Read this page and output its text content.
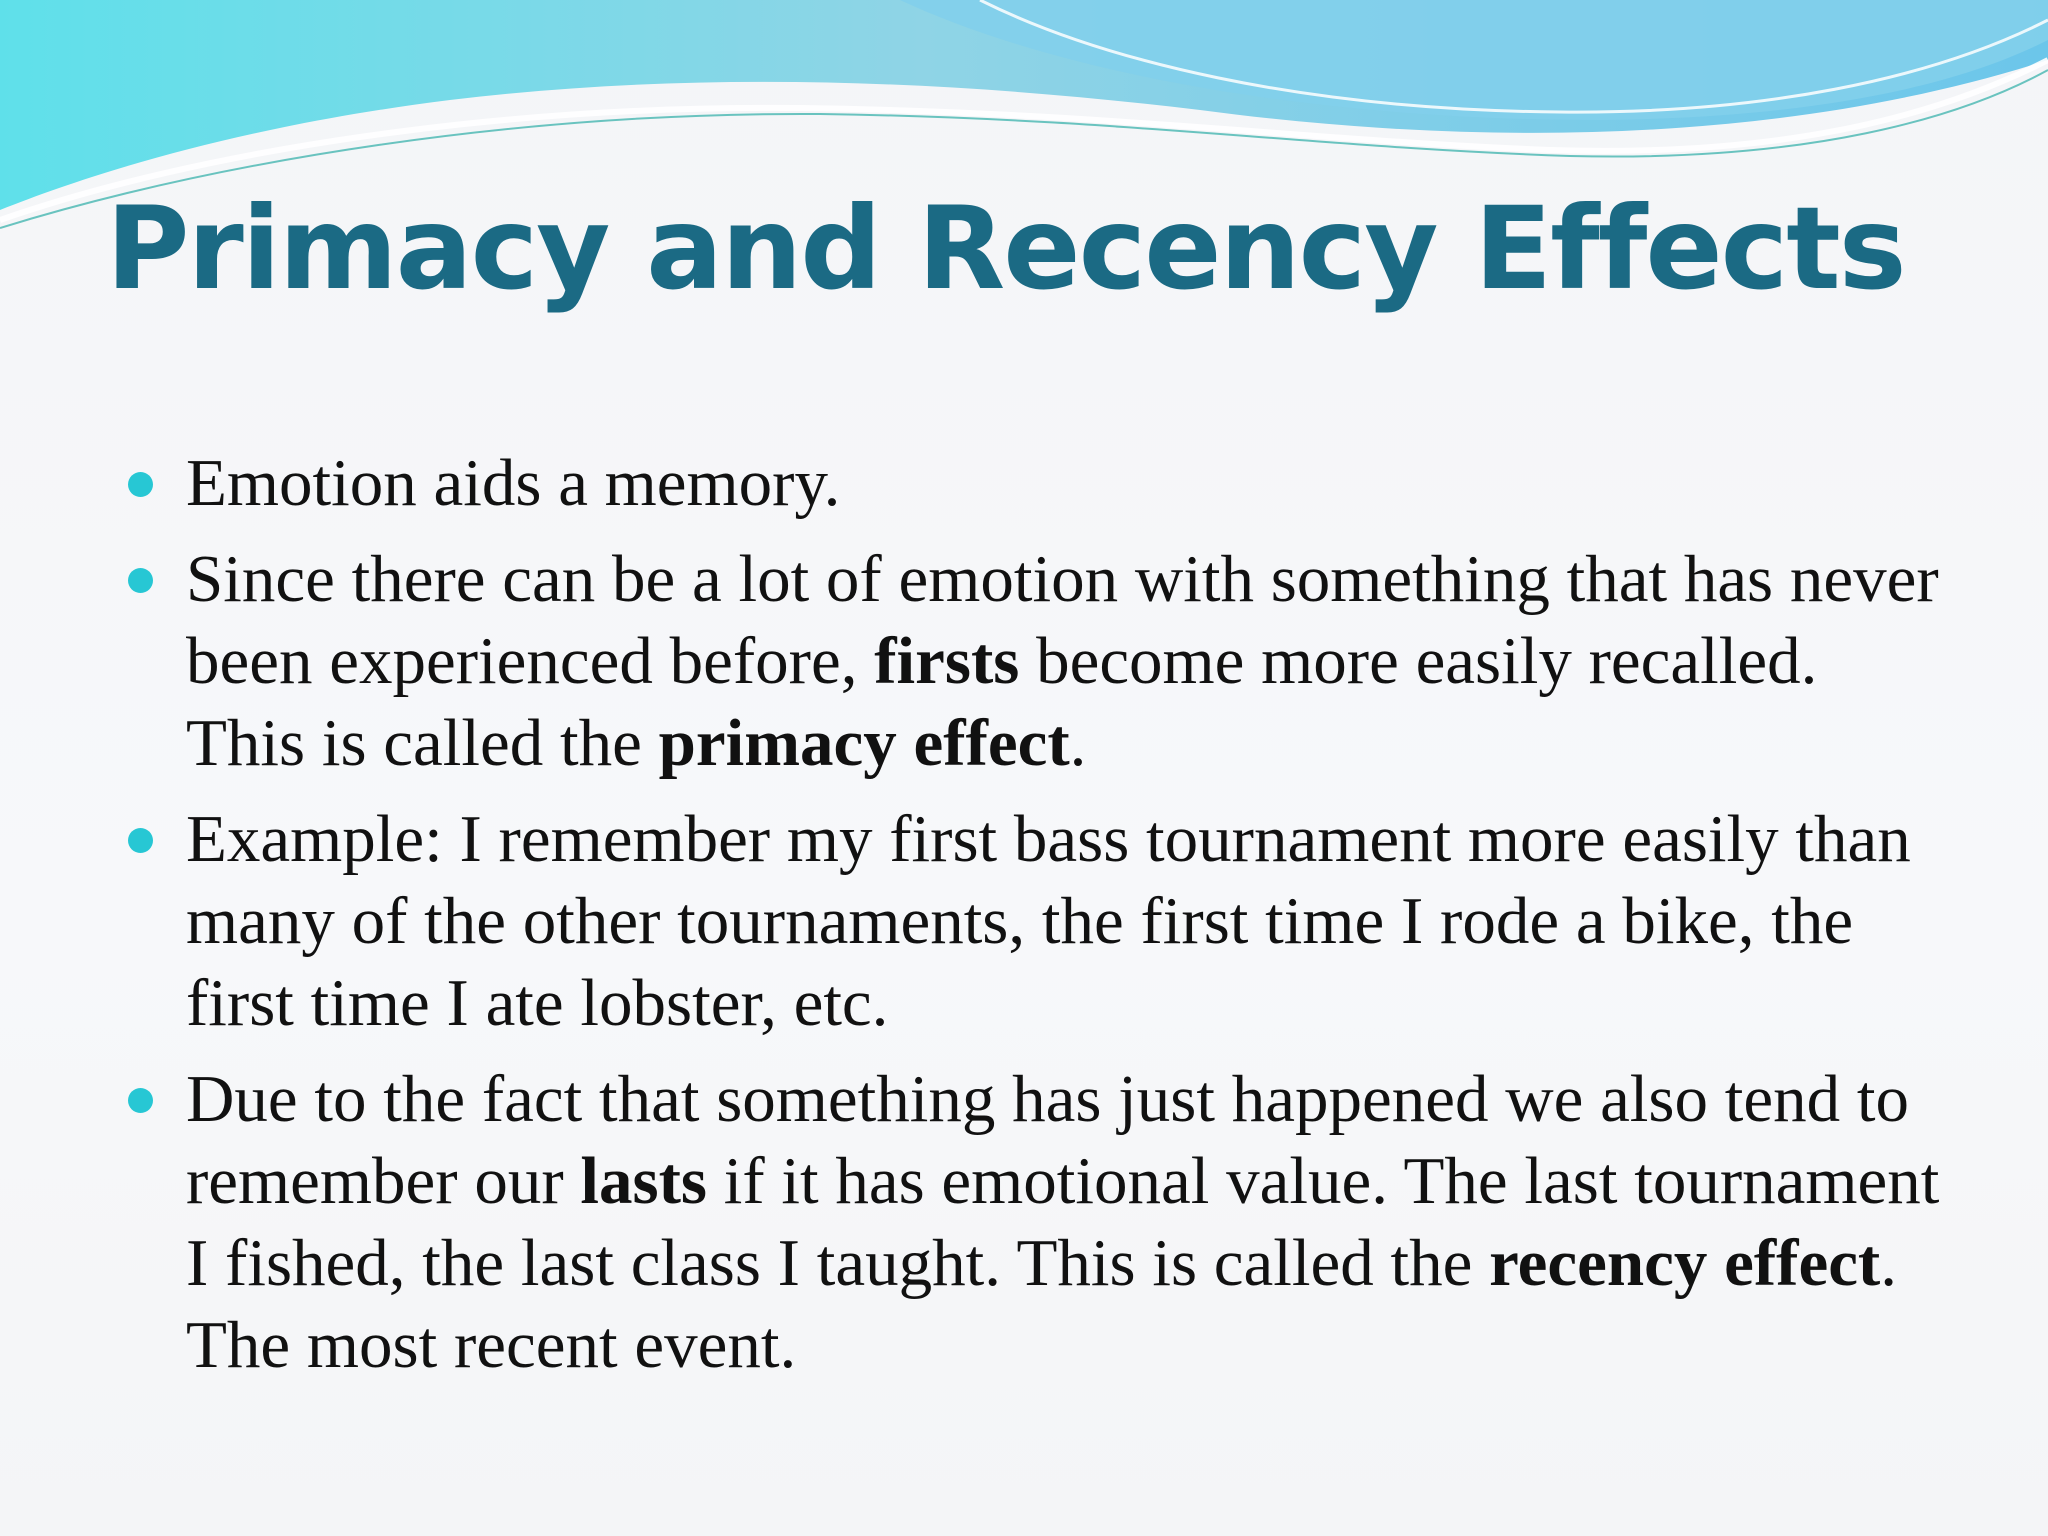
Primacy and Recency Effects
Emotion aids a memory.
Since there can be a lot of emotion with something that has never been experienced before, firsts become more easily recalled. This is called the primacy effect.
Example: I remember my first bass tournament more easily than many of the other tournaments, the first time I rode a bike, the first time I ate lobster, etc.
Due to the fact that something has just happened we also tend to remember our lasts if it has emotional value. The last tournament I fished, the last class I taught. This is called the recency effect. The most recent event.
